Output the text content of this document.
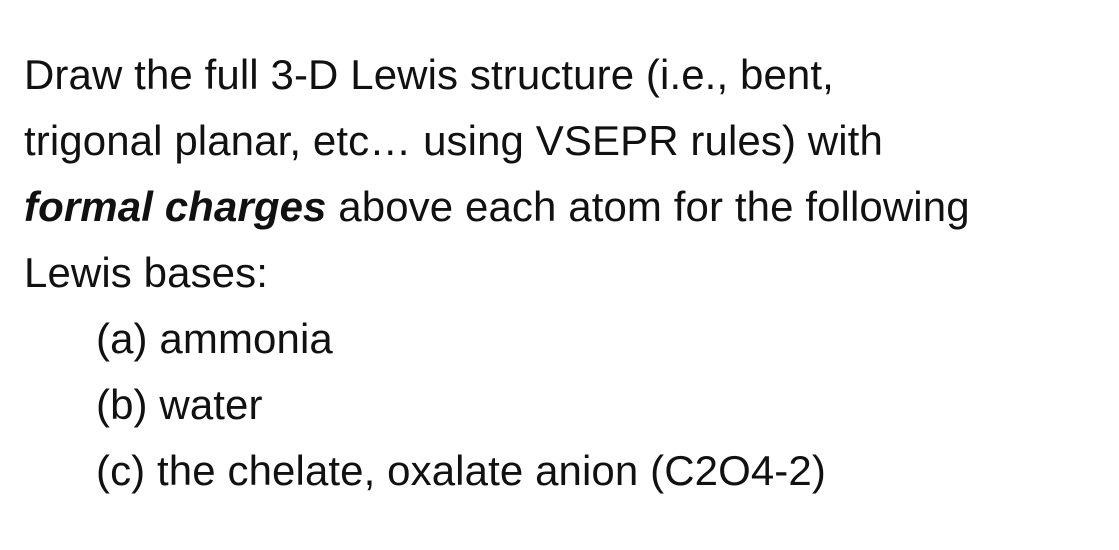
Draw the full 3-D Lewis structure (i.e., bent,
trigonal planar, etc… using VSEPR rules) with
formal charges above each atom for the following
Lewis bases:
(a) ammonia
(b) water
(c) the chelate, oxalate anion (C2O4-2)
